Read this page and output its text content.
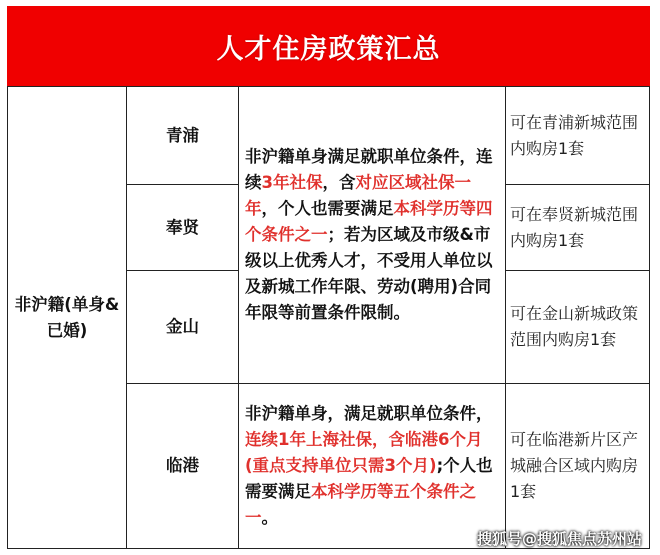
人才住房政策汇总
非沪籍(单身&已婚)
青浦
奉贤
金山
临港
非沪籍单身满足就职单位条件，连续3年社保，含对应区域社保一年，个人也需要满足本科学历等四个条件之一；若为区域及市级&市级以上优秀人才，不受用人单位以及新城工作年限、劳动(聘用)合同年限等前置条件限制。
非沪籍单身，满足就职单位条件，连续1年上海社保，含临港6个月(重点支持单位只需3个月);个人也需要满足本科学历等五个条件之一。
可在青浦新城范围内购房1套
可在奉贤新城范围内购房1套
可在金山新城政策范围内购房1套
可在临港新片区产城融合区域内购房1套
搜狐号@搜狐焦点苏州站
